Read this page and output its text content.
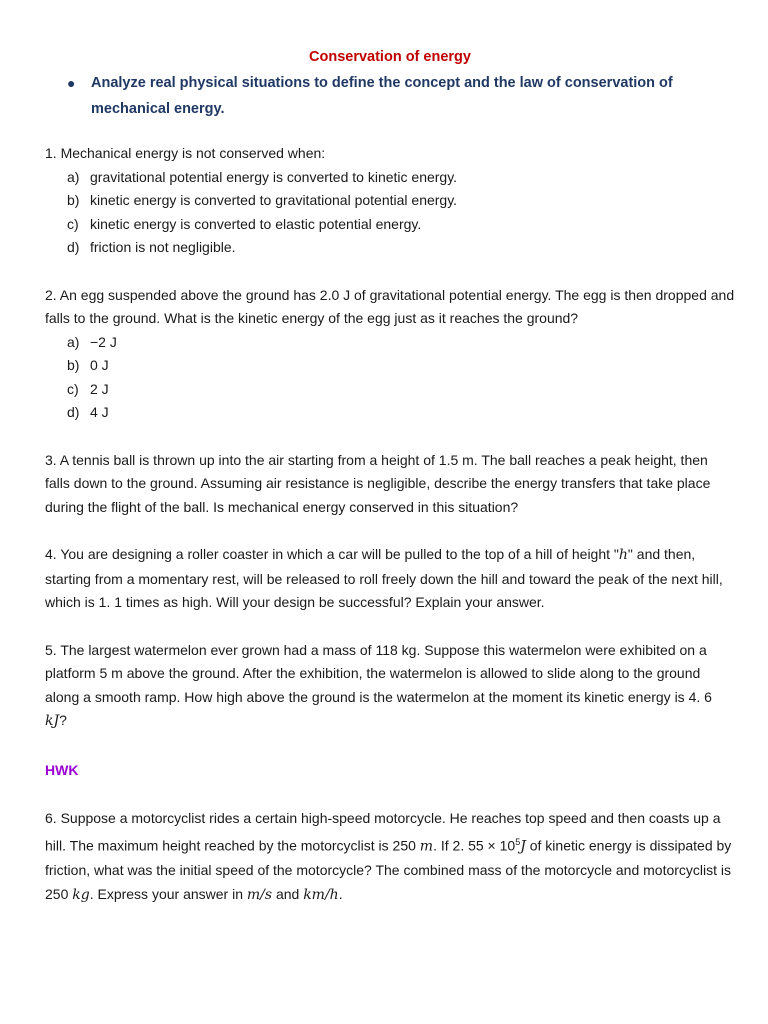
Conservation of energy

●	Analyze real physical situations to define the concept and the law of conservation of mechanical energy.
1. Mechanical energy is not conserved when:
a) gravitational potential energy is converted to kinetic energy.
b) kinetic energy is converted to gravitational potential energy.
c) kinetic energy is converted to elastic potential energy.
d) friction is not negligible.
2. An egg suspended above the ground has 2.0 J of gravitational potential energy. The egg is then dropped and falls to the ground. What is the kinetic energy of the egg just as it reaches the ground?
a) −2 J
b) 0 J
c) 2 J
d) 4 J
3. A tennis ball is thrown up into the air starting from a height of 1.5 m. The ball reaches a peak height, then falls down to the ground. Assuming air resistance is negligible, describe the energy transfers that take place during the flight of the ball. Is mechanical energy conserved in this situation?
4. You are designing a roller coaster in which a car will be pulled to the top of a hill of height "h" and then, starting from a momentary rest, will be released to roll freely down the hill and toward the peak of the next hill, which is 1. 1 times as high. Will your design be successful? Explain your answer.
5. The largest watermelon ever grown had a mass of 118 kg. Suppose this watermelon were exhibited on a platform 5 m above the ground. After the exhibition, the watermelon is allowed to slide along to the ground along a smooth ramp. How high above the ground is the watermelon at the moment its kinetic energy is 4. 6 kJ?
HWK
6. Suppose a motorcyclist rides a certain high-speed motorcycle. He reaches top speed and then coasts up a hill. The maximum height reached by the motorcyclist is 250 m. If 2. $55 \times 10^5J$ of kinetic energy is dissipated by friction, what was the initial speed of the motorcycle? The combined mass of the motorcycle and motorcyclist is 250 kg. Express your answer in m/s and km/h.
